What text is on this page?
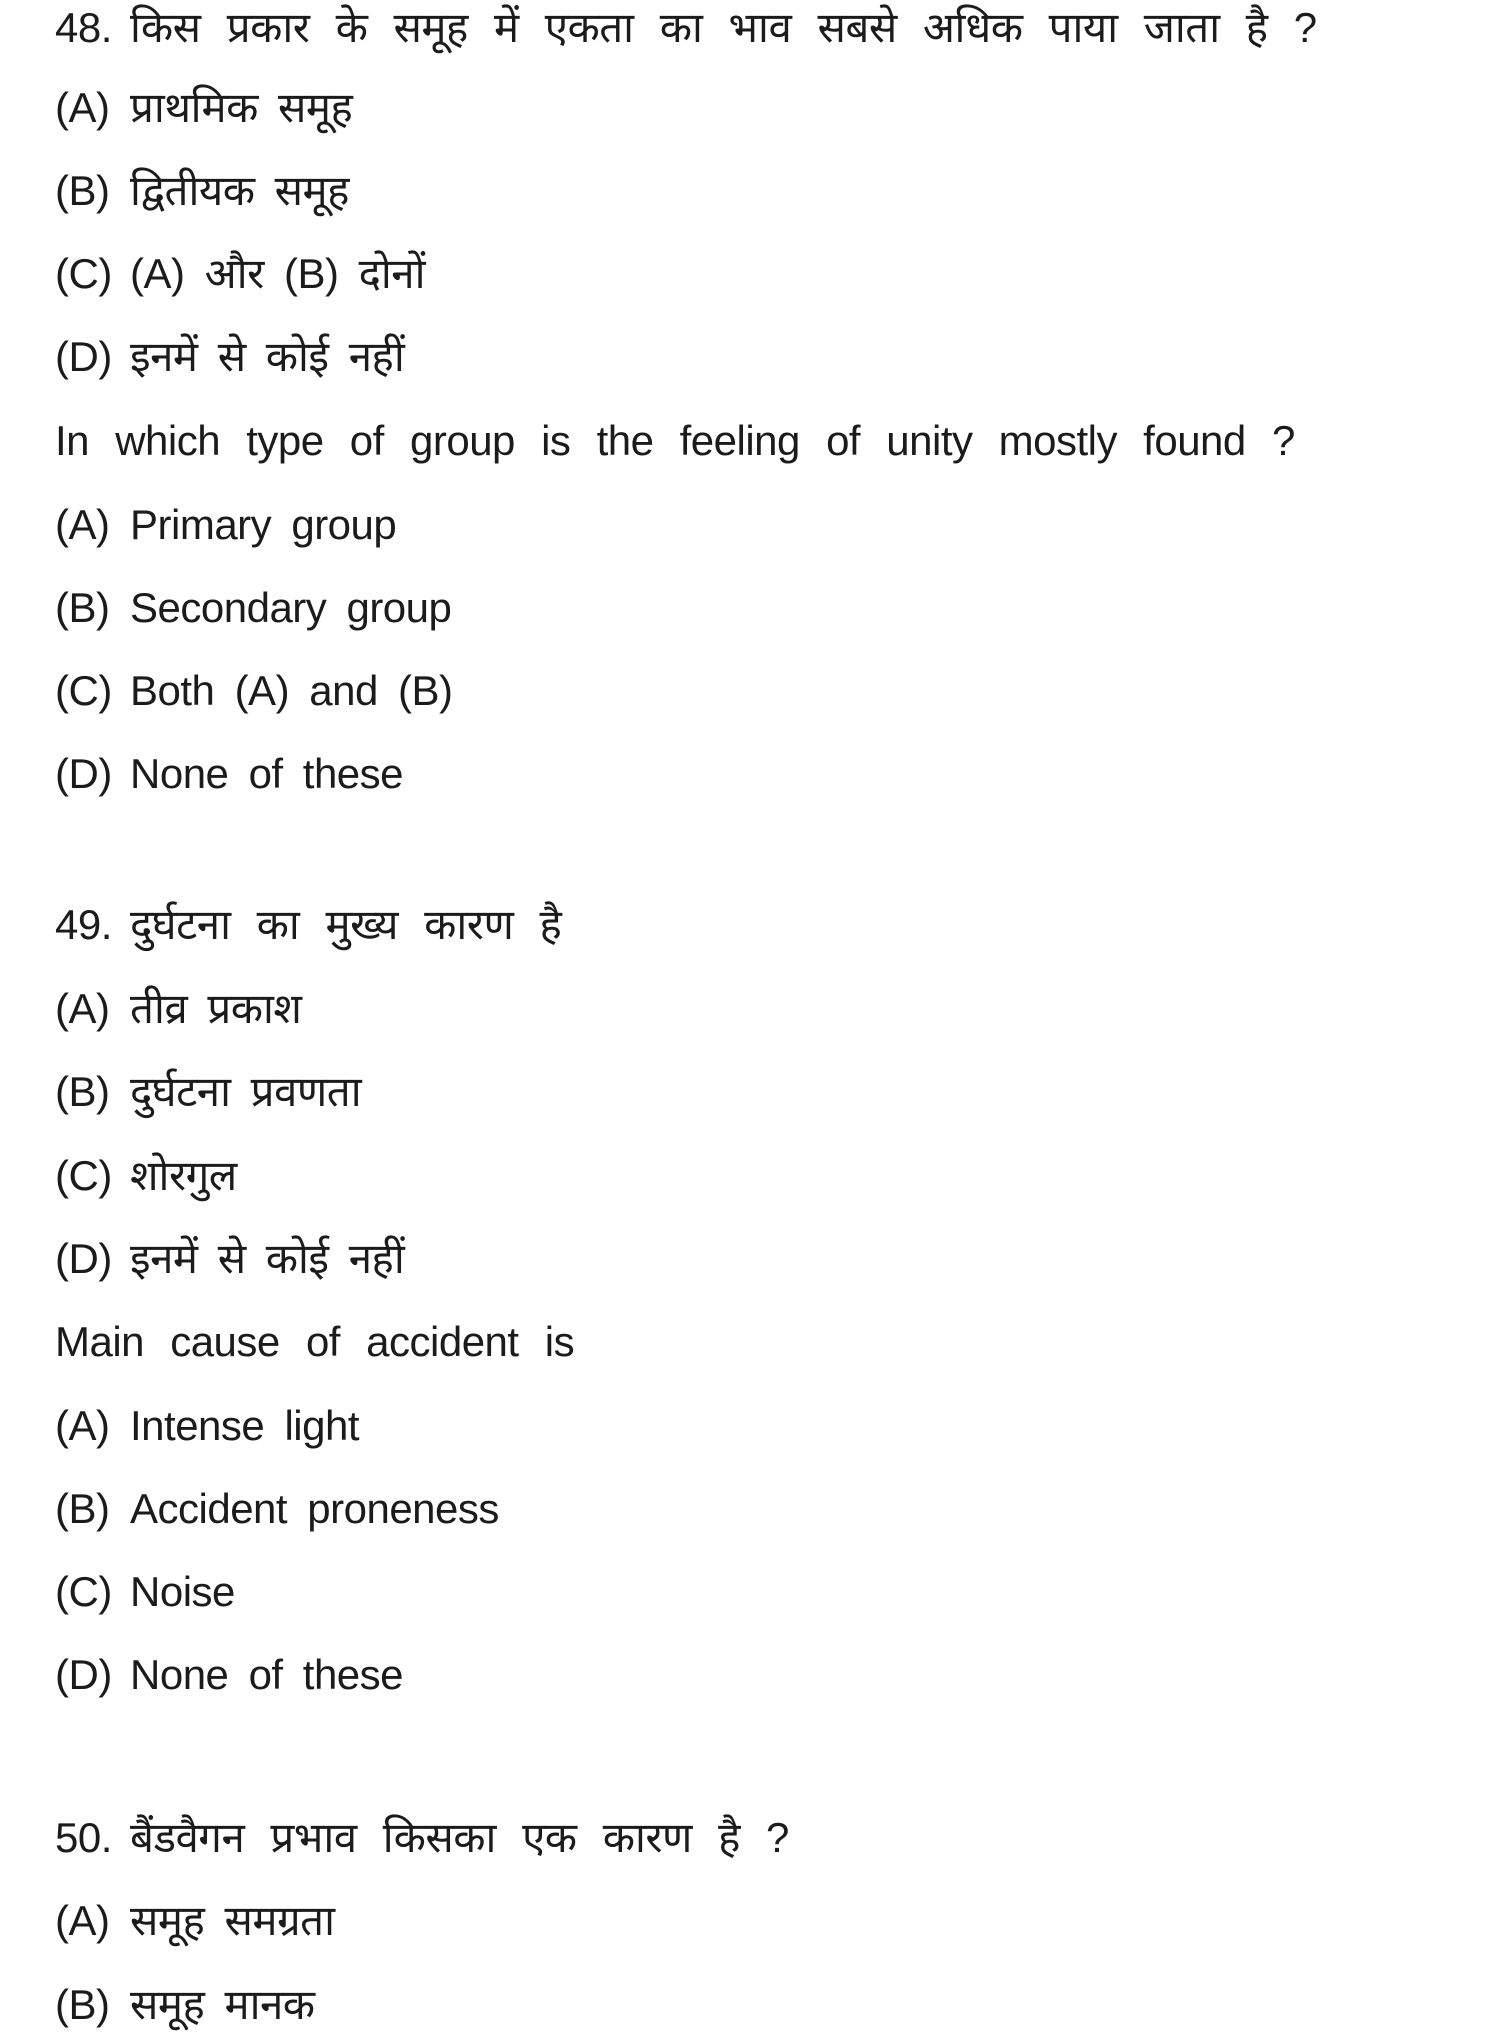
48. किस प्रकार के समूह में एकता का भाव सबसे अधिक पाया जाता है ?
(A) प्राथमिक समूह
(B) द्वितीयक समूह
(C) (A) और (B) दोनों
(D) इनमें से कोई नहीं
In which type of group is the feeling of unity mostly found ?
(A) Primary group
(B) Secondary group
(C) Both (A) and (B)
(D) None of these
49. दुर्घटना का मुख्य कारण है
(A) तीव्र प्रकाश
(B) दुर्घटना प्रवणता
(C) शोरगुल
(D) इनमें से कोई नहीं
Main cause of accident is
(A) Intense light
(B) Accident proneness
(C) Noise
(D) None of these
50. बैंडवैगन प्रभाव किसका एक कारण है ?
(A) समूह समग्रता
(B) समूह मानक
